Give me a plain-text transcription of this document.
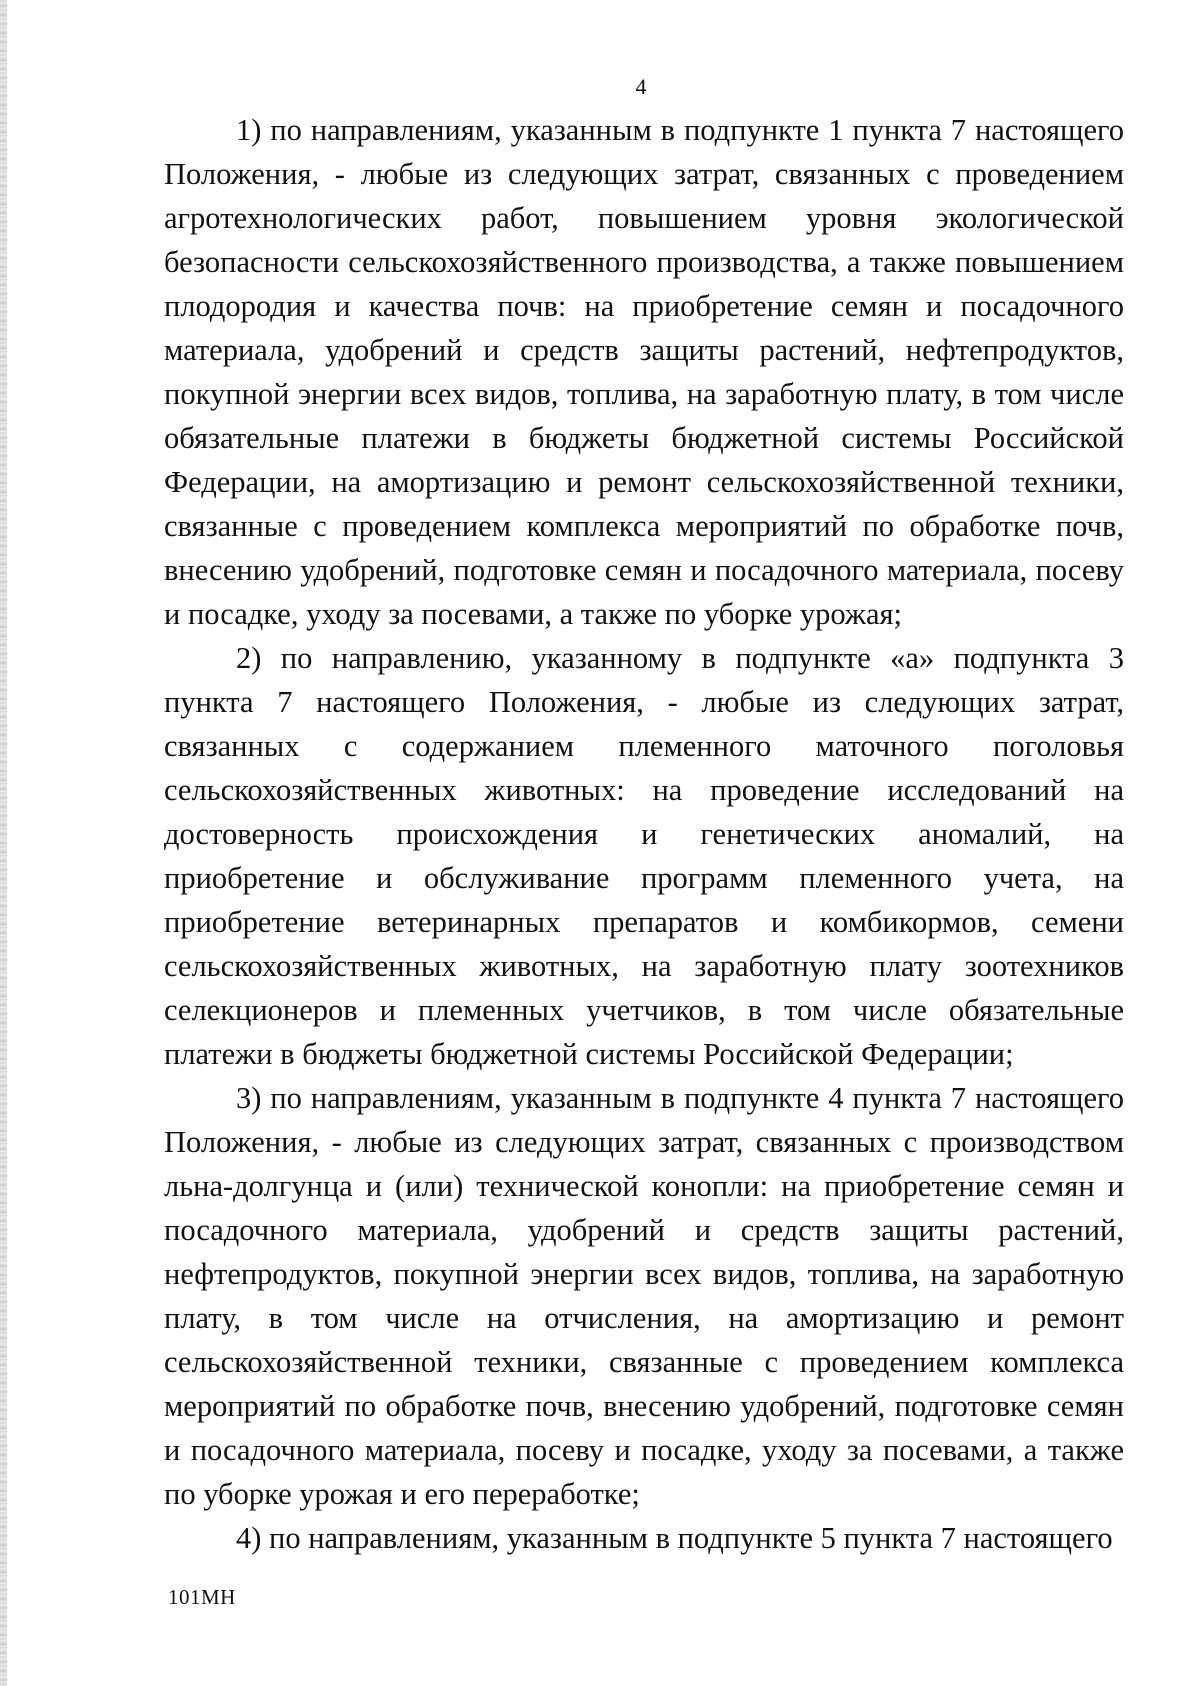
4

1) по направлениям, указанным в подпункте 1 пункта 7 настоящего Положения, - любые из следующих затрат, связанных с проведением агротехнологических работ, повышением уровня экологической безопасности сельскохозяйственного производства, а также повышением плодородия и качества почв: на приобретение семян и посадочного материала, удобрений и средств защиты растений, нефтепродуктов, покупной энергии всех видов, топлива, на заработную плату, в том числе обязательные платежи в бюджеты бюджетной системы Российской Федерации, на амортизацию и ремонт сельскохозяйственной техники, связанные с проведением комплекса мероприятий по обработке почв, внесению удобрений, подготовке семян и посадочного материала, посеву и посадке, уходу за посевами, а также по уборке урожая;

2) по направлению, указанному в подпункте «а» подпункта 3 пункта 7 настоящего Положения, - любые из следующих затрат, связанных с содержанием племенного маточного поголовья сельскохозяйственных животных: на проведение исследований на достоверность происхождения и генетических аномалий, на приобретение и обслуживание программ племенного учета, на приобретение ветеринарных препаратов и комбикормов, семени сельскохозяйственных животных, на заработную плату зоотехников селекционеров и племенных учетчиков, в том числе обязательные платежи в бюджеты бюджетной системы Российской Федерации;

3) по направлениям, указанным в подпункте 4 пункта 7 настоящего Положения, - любые из следующих затрат, связанных с производством льна-долгунца и (или) технической конопли: на приобретение семян и посадочного материала, удобрений и средств защиты растений, нефтепродуктов, покупной энергии всех видов, топлива, на заработную плату, в том числе на отчисления, на амортизацию и ремонт сельскохозяйственной техники, связанные с проведением комплекса мероприятий по обработке почв, внесению удобрений, подготовке семян и посадочного материала, посеву и посадке, уходу за посевами, а также по уборке урожая и его переработке;

4) по направлениям, указанным в подпункте 5 пункта 7 настоящего

101МН
